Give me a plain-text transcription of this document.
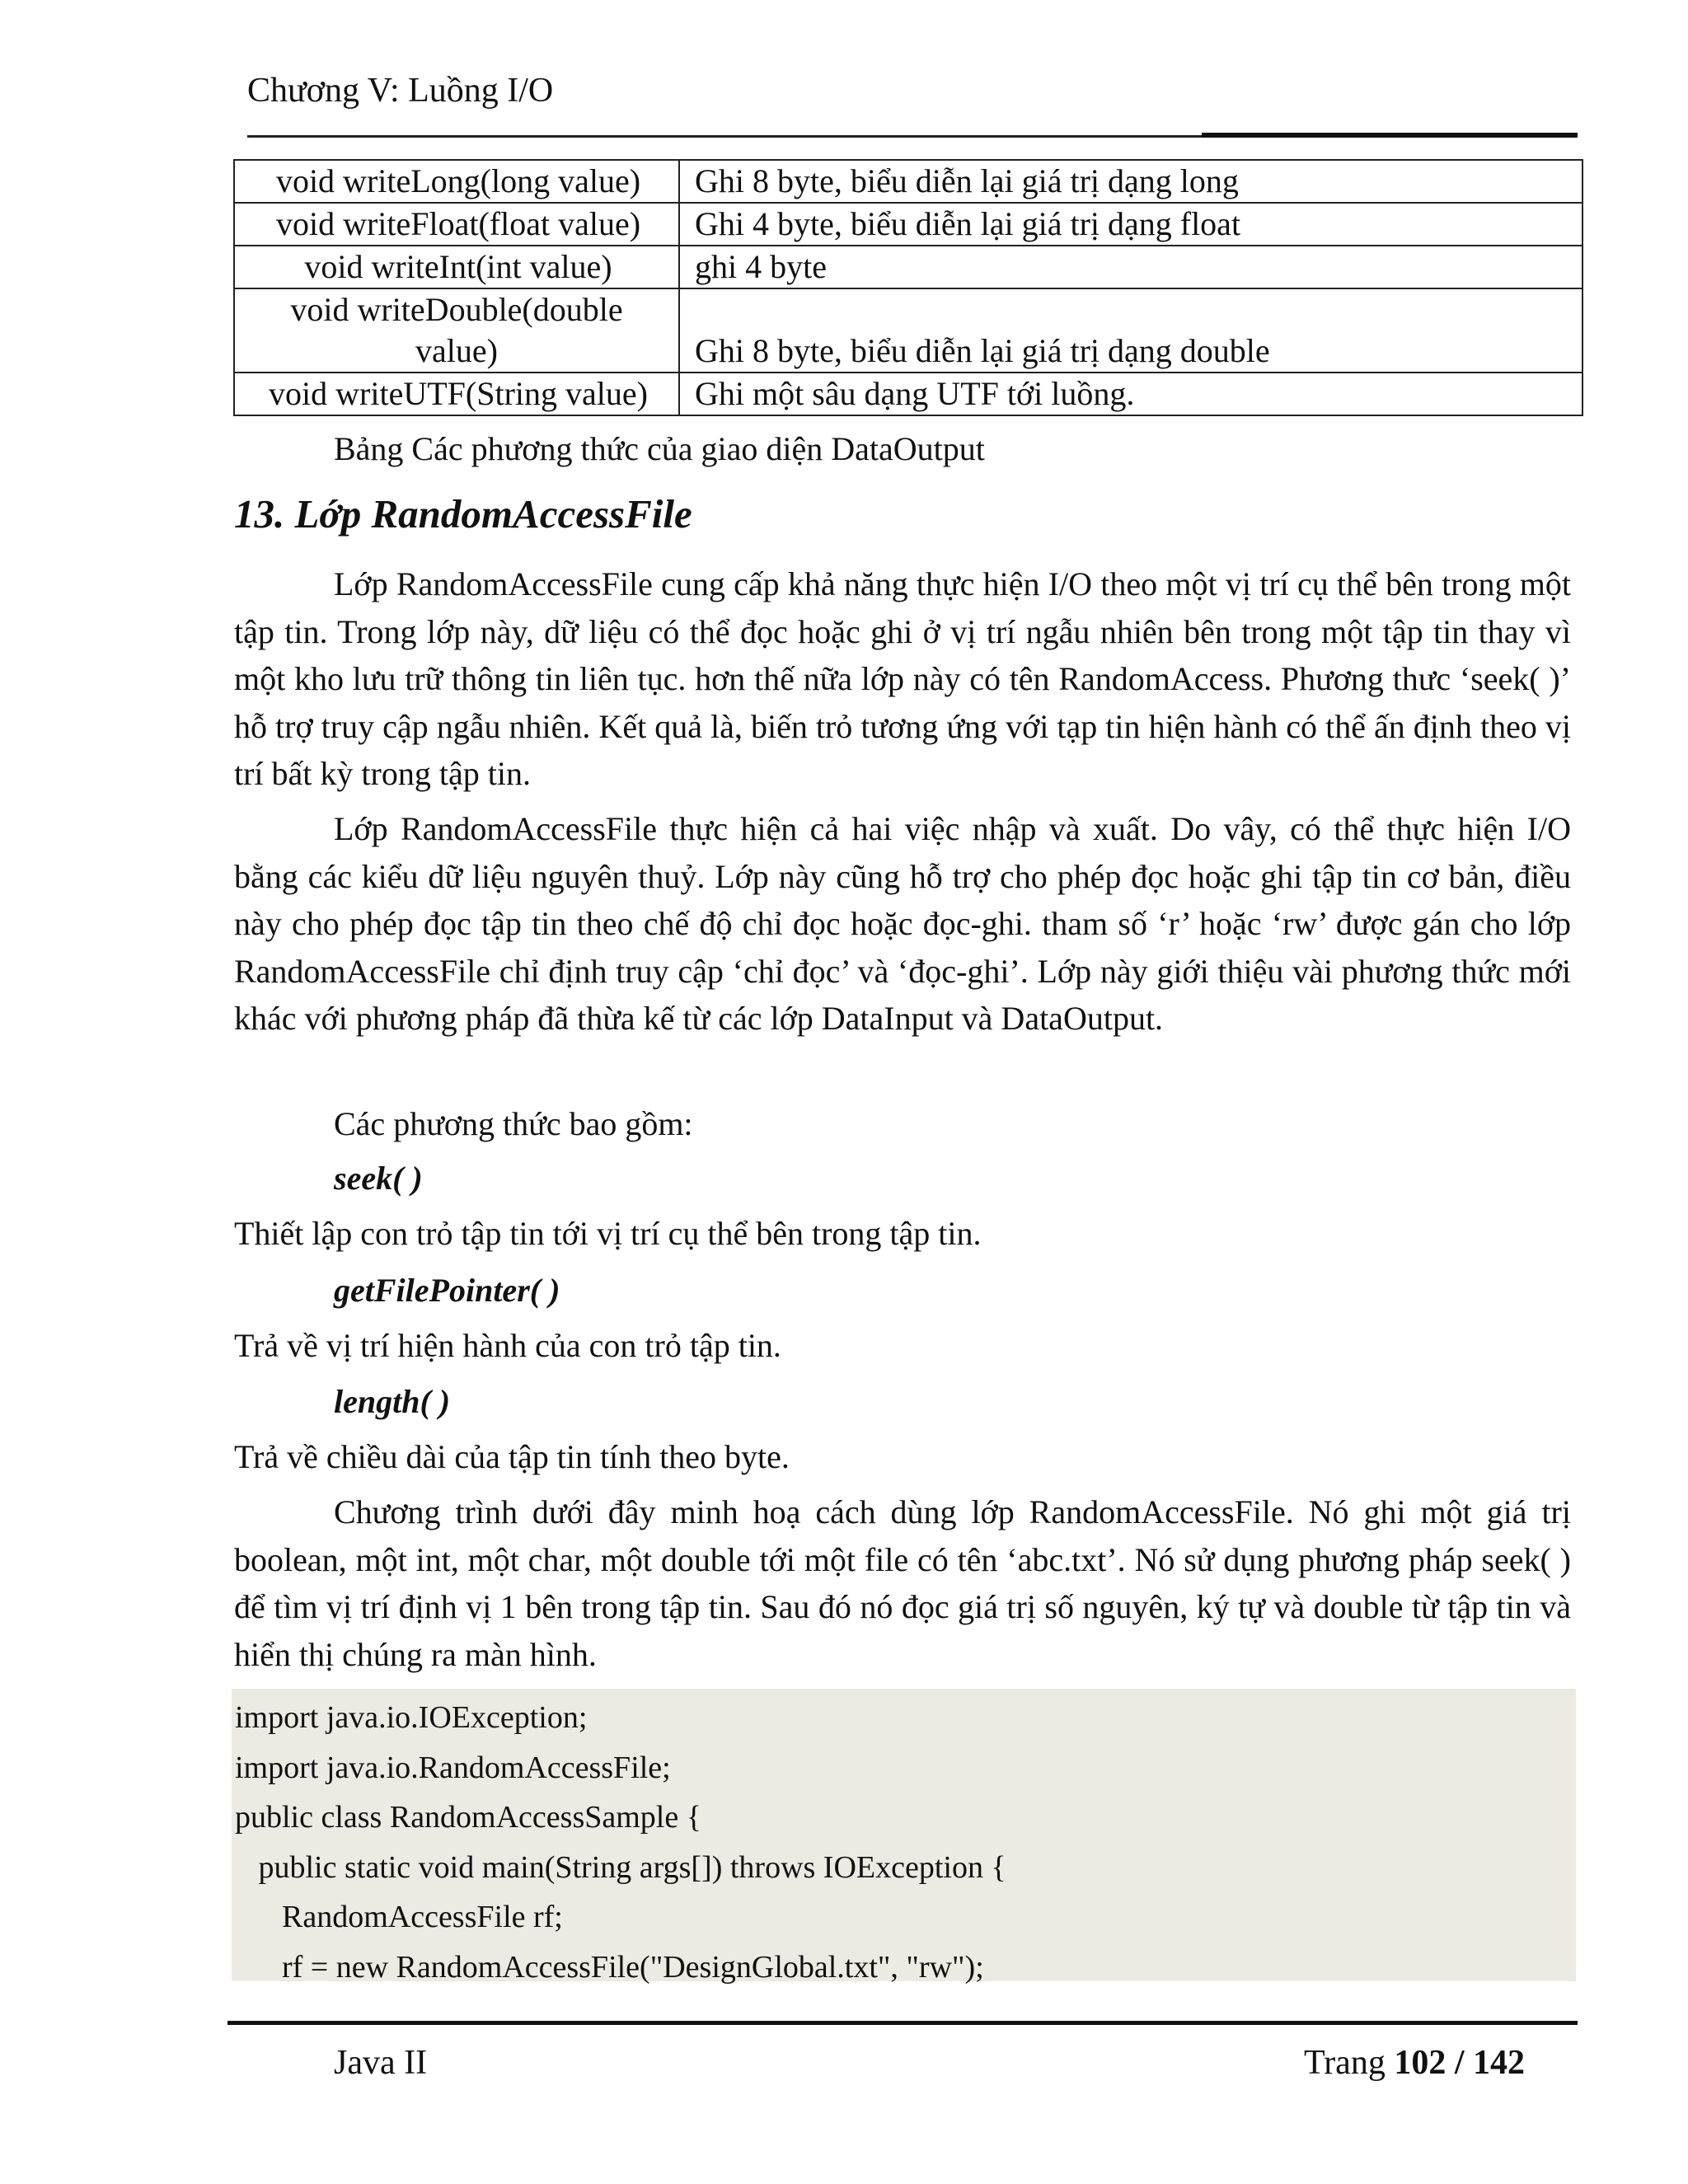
Chương V: Luồng I/O
void writeLong(long value)	Ghi 8 byte, biểu diễn lại giá trị dạng long
void writeFloat(float value)	Ghi 4 byte, biểu diễn lại giá trị dạng float
void writeInt(int value)	ghi 4 byte

void writeDouble(double
value)	Ghi 8 byte, biểu diễn lại giá trị dạng double
void writeUTF(String value)	Ghi một sâu dạng UTF tới luồng.
Bảng Các phương thức của giao diện DataOutput
13. Lớp RandomAccessFile
Lớp RandomAccessFile cung cấp khả năng thực hiện I/O theo một vị trí cụ thể bên trong một tập tin. Trong lớp này, dữ liệu có thể đọc hoặc ghi ở vị trí ngẫu nhiên bên trong một tập tin thay vì một kho lưu trữ thông tin liên tục. hơn thế nữa lớp này có tên RandomAccess. Phương thưc ‘seek( )’ hỗ trợ truy cập ngẫu nhiên. Kết quả là, biến trỏ tương ứng với tạp tin hiện hành có thể ấn định theo vị trí bất kỳ trong tập tin.
Lớp RandomAccessFile thực hiện cả hai việc nhập và xuất. Do vây, có thể thực hiện I/O bằng các kiểu dữ liệu nguyên thuỷ. Lớp này cũng hỗ trợ cho phép đọc hoặc ghi tập tin cơ bản, điều này cho phép đọc tập tin theo chế độ chỉ đọc hoặc đọc-ghi. tham số ‘r’ hoặc ‘rw’ được gán cho lớp RandomAccessFile chỉ định truy cập ‘chỉ đọc’ và ‘đọc-ghi’. Lớp này giới thiệu vài phương thức mới khác với phương pháp đã thừa kế từ các lớp DataInput và DataOutput.
Các phương thức bao gồm:
seek( )
Thiết lập con trỏ tập tin tới vị trí cụ thể bên trong tập tin.
getFilePointer( )
Trả về vị trí hiện hành của con trỏ tập tin.
length( )
Trả về chiều dài của tập tin tính theo byte.
Chương trình dưới đây minh hoạ cách dùng lớp RandomAccessFile. Nó ghi một giá trị boolean, một int, một char, một double tới một file có tên ‘abc.txt’. Nó sử dụng phương pháp seek( ) để tìm vị trí định vị 1 bên trong tập tin. Sau đó nó đọc giá trị số nguyên, ký tự và double từ tập tin và hiển thị chúng ra màn hình.
import java.io.IOException;
import java.io.RandomAccessFile;
public class RandomAccessSample {
public static void main(String args[]) throws IOException {
RandomAccessFile rf;
rf = new RandomAccessFile("DesignGlobal.txt", "rw");
Java II	Trang 102 / 142
